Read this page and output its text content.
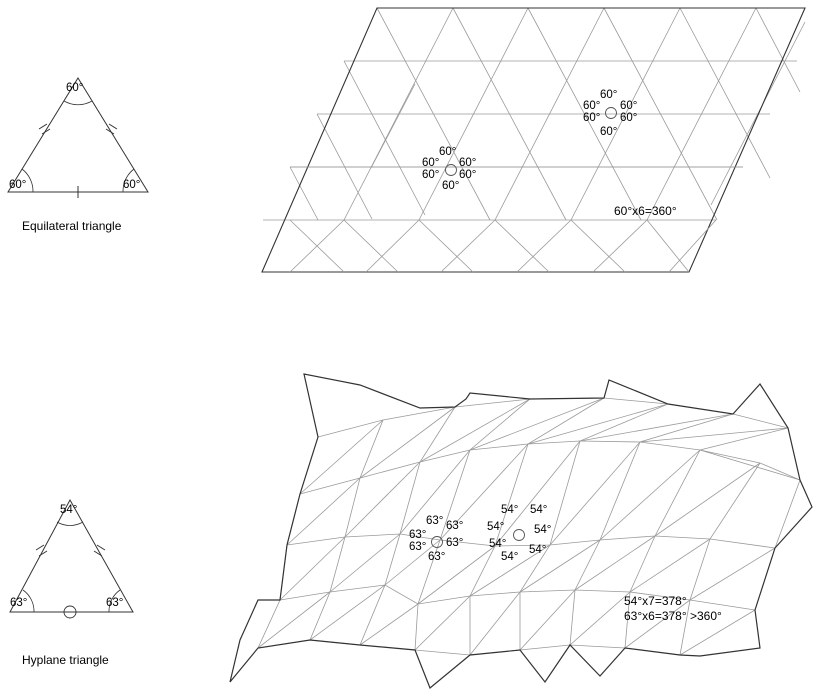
60°
60°	60°
Equilateral triangle
60°
60°
60°
60°
60°
60°
60°
60°
60°
60°
60°
60°
60°x6=360°
54°
63°	63°
Hyplane triangle
63°
63° 63°
63°
63°
63°
54° 54°
54°	54°
54° 54°
54°
54°x7=378°
63°x6=378° >360°
